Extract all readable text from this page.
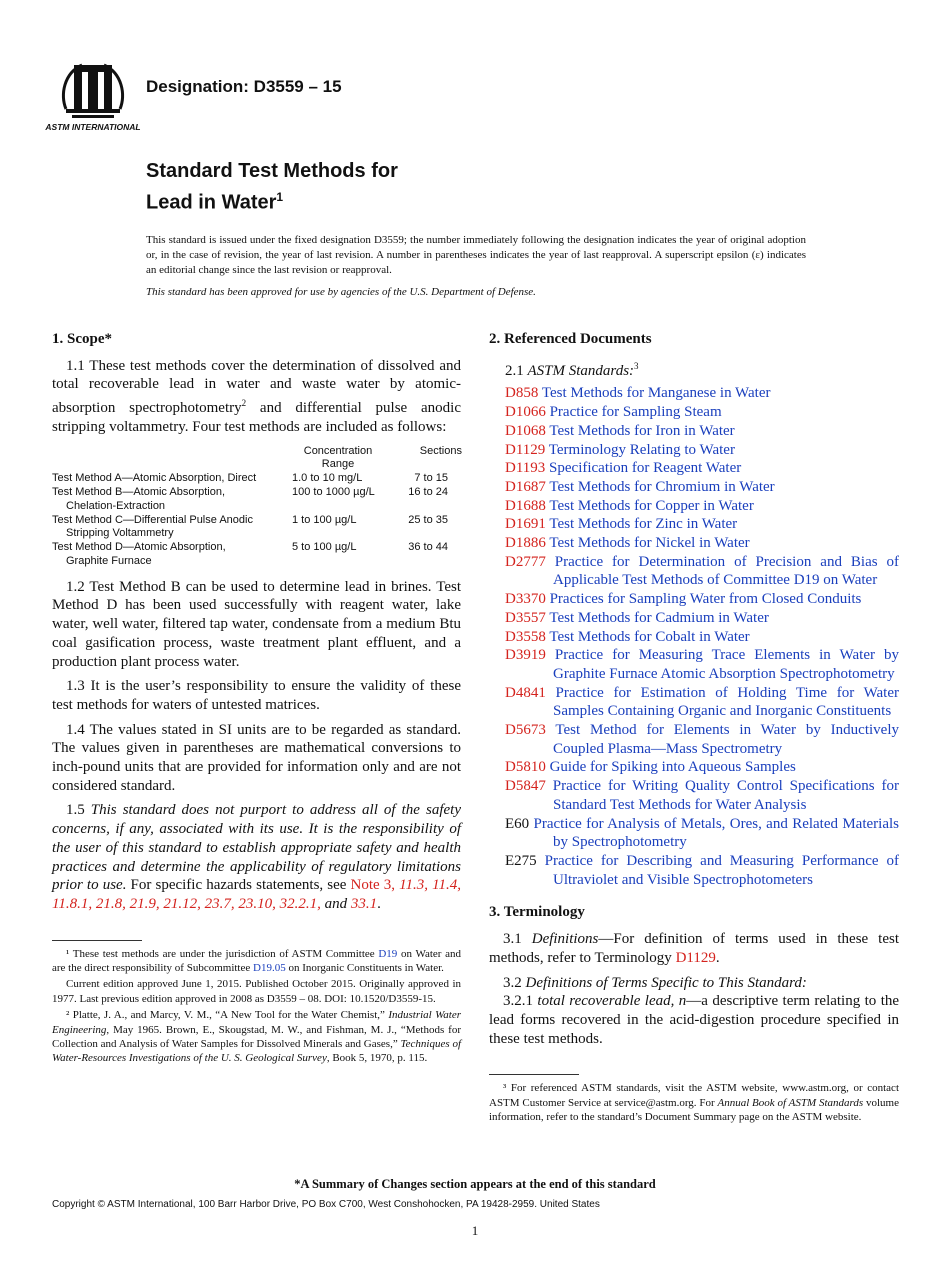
ASTM INTERNATIONAL
Designation: D3559 – 15
Standard Test Methods for
Lead in Water$^1$
This standard is issued under the fixed designation D3559; the number immediately following the designation indicates the year of original adoption or, in the case of revision, the year of last revision. A number in parentheses indicates the year of last reapproval. A superscript epsilon (ε) indicates an editorial change since the last revision or reapproval.
This standard has been approved for use by agencies of the U.S. Department of Defense.
1. Scope*

1.1 These test methods cover the determination of dissolved and total recoverable lead in water and waste water by atomic-absorption spectrophotometry$^2$ and differential pulse anodic stripping voltammetry. Four test methods are included as follows:

	Concentration Range	Sections

Test Method A—Atomic Absorption, Direct	1.0 to 10 mg/L	7 to 15

Test Method B—Atomic Absorption,
Chelation-Extraction	100 to 1000 µg/L	16 to 24

Test Method C—Differential Pulse Anodic
Stripping Voltammetry	1 to 100 µg/L	25 to 35

Test Method D—Atomic Absorption,
Graphite Furnace	5 to 100 µg/L	36 to 44

1.2 Test Method B can be used to determine lead in brines. Test Method D has been used successfully with reagent water, lake water, well water, filtered tap water, condensate from a medium Btu coal gasification process, waste treatment plant effluent, and a production plant process water.

1.3 It is the user’s responsibility to ensure the validity of these test methods for waters of untested matrices.

1.4 The values stated in SI units are to be regarded as standard. The values given in parentheses are mathematical conversions to inch-pound units that are provided for information only and are not considered standard.

1.5 This standard does not purport to address all of the safety concerns, if any, associated with its use. It is the responsibility of the user of this standard to establish appropriate safety and health practices and determine the applicability of regulatory limitations prior to use. For specific hazards statements, see Note 3, 11.3, 11.4, 11.8.1, 21.8, 21.9, 21.12, 23.7, 23.10, 32.2.1, and 33.1.

¹ These test methods are under the jurisdiction of ASTM Committee D19 on Water and are the direct responsibility of Subcommittee D19.05 on Inorganic Constituents in Water.

Current edition approved June 1, 2015. Published October 2015. Originally approved in 1977. Last previous edition approved in 2008 as D3559 – 08. DOI: 10.1520/D3559-15.

² Platte, J. A., and Marcy, V. M., “A New Tool for the Water Chemist,” Industrial Water Engineering, May 1965. Brown, E., Skougstad, M. W., and Fishman, M. J., “Methods for Collection and Analysis of Water Samples for Dissolved Minerals and Gases,” Techniques of Water-Resources Investigations of the U. S. Geological Survey, Book 5, 1970, p. 115.

2. Referenced Documents
2.1 ASTM Standards:$^3$
D858 Test Methods for Manganese in Water
D1066 Practice for Sampling Steam
D1068 Test Methods for Iron in Water
D1129 Terminology Relating to Water
D1193 Specification for Reagent Water
D1687 Test Methods for Chromium in Water
D1688 Test Methods for Copper in Water
D1691 Test Methods for Zinc in Water
D1886 Test Methods for Nickel in Water
D2777 Practice for Determination of Precision and Bias of Applicable Test Methods of Committee D19 on Water
D3370 Practices for Sampling Water from Closed Conduits
D3557 Test Methods for Cadmium in Water
D3558 Test Methods for Cobalt in Water
D3919 Practice for Measuring Trace Elements in Water by Graphite Furnace Atomic Absorption Spectrophotometry
D4841 Practice for Estimation of Holding Time for Water Samples Containing Organic and Inorganic Constituents
D5673 Test Method for Elements in Water by Inductively Coupled Plasma—Mass Spectrometry
D5810 Guide for Spiking into Aqueous Samples
D5847 Practice for Writing Quality Control Specifications for Standard Test Methods for Water Analysis
E60 Practice for Analysis of Metals, Ores, and Related Materials by Spectrophotometry
E275 Practice for Describing and Measuring Performance of Ultraviolet and Visible Spectrophotometers
3. Terminology

3.1 Definitions—For definition of terms used in these test methods, refer to Terminology D1129.

3.2 Definitions of Terms Specific to This Standard:

3.2.1 total recoverable lead, n—a descriptive term relating to the lead forms recovered in the acid-digestion procedure specified in these test methods.

³ For referenced ASTM standards, visit the ASTM website, www.astm.org, or contact ASTM Customer Service at service@astm.org. For Annual Book of ASTM Standards volume information, refer to the standard’s Document Summary page on the ASTM website.

*A Summary of Changes section appears at the end of this standard
Copyright © ASTM International, 100 Barr Harbor Drive, PO Box C700, West Conshohocken, PA 19428-2959. United States
1
